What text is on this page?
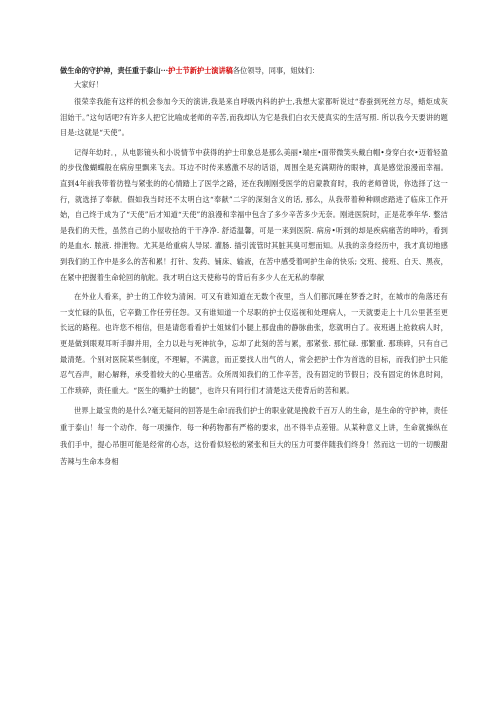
做生命的守护神，责任重于泰山···护士节新护士演讲稿各位领导，同事，姐妹们：
大家好！

很荣幸我能有这样的机会参加今天的演讲,我是来自呼吸内科的护士,我想大家都听说过“春蚕到死丝方尽，蜡炬成灰泪始干。”这句话吧?有许多人把它比喻成老师的辛苦,而我却认为它是我们白衣天使真实的生活写照. 所以我今天要讲的题目是:这就是“天使”。

记得年幼时．，从电影镜头和小说情节中获得的护士印象总是那么美丽•端庄•面带微笑头戴白帽•身穿白衣•迈着轻盈的步伐像蝴蝶般在病房里飘来飞去。耳边不时传来感激不尽的话语，周围全是充满期待的眼神，真是感觉浪漫而幸福。直到4年前我带着彷徨与紧张的的心情踏上了医学之路，还在我刚刚受医学的启蒙教育时，我的老师曾说，你选择了这一行，就选择了奉献．假如我当时还不太明白这“奉献”二字的深刻含义的话, 那么，从我带着种种顾虑踏进了临床工作开始，自己终于成为了“天使”后才知道“天使”的浪漫和幸福中包含了多少辛苦多少无奈。刚进医院时，正是花季年华. 整洁是我们的天性，虽然自己的小屋收拾的干干净净. 舒适温馨，可是一来到医院. 病房•听到的却是疾病痛苦的呻吟，看到的是血水. 脓液. 排泄物。尤其是给重病人导尿. 灌肠. 插引流管时其脏其臭可想而知。从我的亲身经历中，我才真切地感到我们的工作中是多么的苦和累！打针、发药、铺床、输液，在苦中感受着呵护生命的快乐; 交班、接班、白天、黑夜，在紧中把握着生命轮回的航舵。我才明白这天使称号的背后有多少人在无私的奉献

在外业人看来，护士的工作较为清闲．可又有谁知道在无数个夜里，当人们都沉睡在梦香之时，在城市的角落还有一支忙碌的队伍，它辛勤工作任劳任怨。又有谁知道一个尽职的护士仅巡视和处理病人，一天就要走上十几公里甚至更长远的路程。也许您不相信，但是请您看看护士姐妹们小腿上那盘曲的静脉曲张，您就明白了。夜班遇上抢救病人时，更是做到眼观耳听手脚并用，全力以赴与死神抗争，忘却了此刻的苦与累，那紧张. 那忙碌. 那繁重. 那琐碎，只有自己最清楚。个别对医院某些制度，不理解，不满意，而正要找人出气的人，常会把护士作为首选的目标，而我们护士只能忍气吞声，耐心解释，承受着较大的心里痛苦。众所周知我们的工作辛苦，没有固定的节假日；没有固定的休息时间，工作琐碎，责任重大。“医生的嘴护士的腿”，也许只有同行们才清楚这天使背后的苦和累。

世界上最宝贵的是什么?毫无疑问的回答是生命!而我们护士的职业就是挽救千百万人的生命，是生命的守护神，责任重于泰山！每一个动作．每一项操作．每一种药物都有严格的要求，出不得半点差错。从某种意义上讲，生命就操纵在我们手中，提心吊胆可能是经常的心态，这份看似轻松的紧张和巨大的压力可要伴随我们终身！然而这一切的一切酸甜苦辣与生命本身相
